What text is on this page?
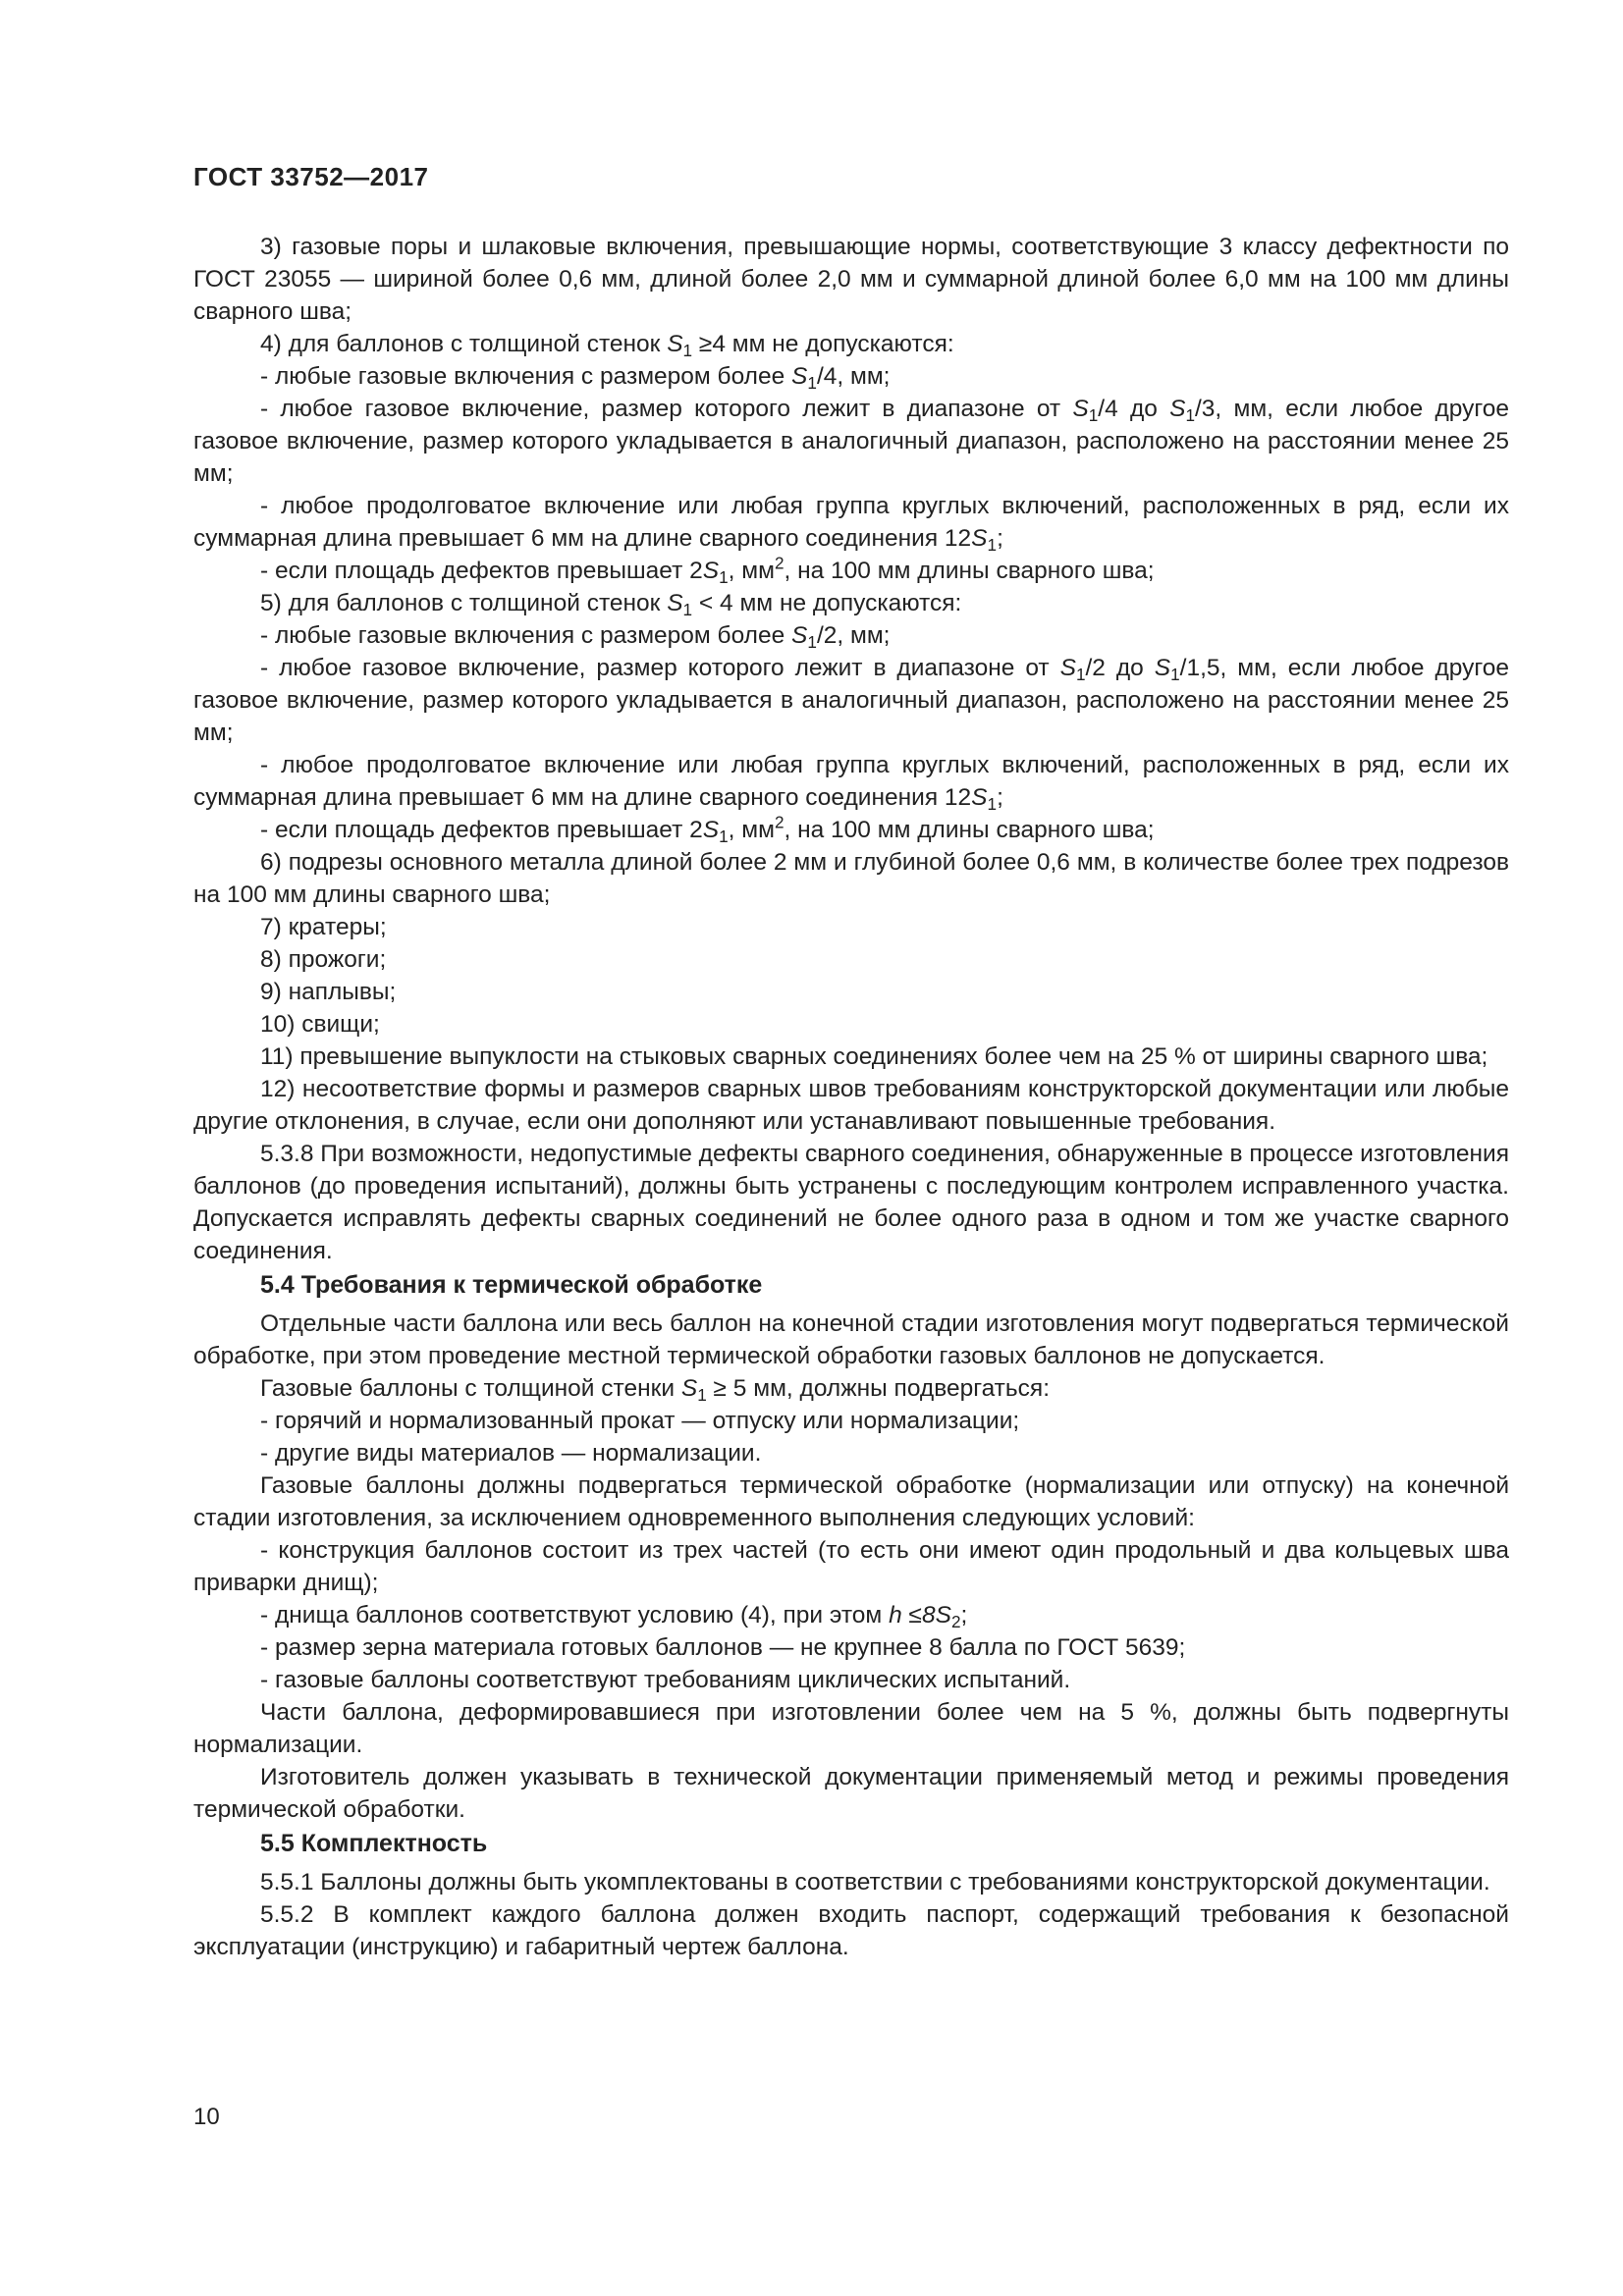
ГОСТ 33752—2017

3) газовые поры и шлаковые включения, превышающие нормы, соответствующие 3 классу дефектности по ГОСТ 23055 — шириной более 0,6 мм, длиной более 2,0 мм и суммарной длиной более 6,0 мм на 100 мм длины сварного шва;

4) для баллонов с толщиной стенок $S_1 \ge 4$ мм не допускаются:

- любые газовые включения с размером более $S_1/4$, мм;

- любое газовое включение, размер которого лежит в диапазоне от $S_1/4$ до $S_1/3$, мм, если любое другое газовое включение, размер которого укладывается в аналогичный диапазон, расположено на расстоянии менее 25 мм;

- любое продолговатое включение или любая группа круглых включений, расположенных в ряд, если их суммарная длина превышает 6 мм на длине сварного соединения $12S_1$;

- если площадь дефектов превышает $2S_1$, $мм^2$, на 100 мм длины сварного шва;

5) для баллонов с толщиной стенок $S_1 < 4$ мм не допускаются:

- любые газовые включения с размером более $S_1/2$, мм;

- любое газовое включение, размер которого лежит в диапазоне от $S_1/2$ до $S_1/1,5$, мм, если любое другое газовое включение, размер которого укладывается в аналогичный диапазон, расположено на расстоянии менее 25 мм;

- любое продолговатое включение или любая группа круглых включений, расположенных в ряд, если их суммарная длина превышает 6 мм на длине сварного соединения $12S_1$;

- если площадь дефектов превышает $2S_1$, $мм^2$, на 100 мм длины сварного шва;

6) подрезы основного металла длиной более 2 мм и глубиной более 0,6 мм, в количестве более трех подрезов на 100 мм длины сварного шва;

7) кратеры;

8) прожоги;

9) наплывы;

10) свищи;

11) превышение выпуклости на стыковых сварных соединениях более чем на 25 % от ширины сварного шва;

12) несоответствие формы и размеров сварных швов требованиям конструкторской документации или любые другие отклонения, в случае, если они дополняют или устанавливают повышенные требования.

5.3.8 При возможности, недопустимые дефекты сварного соединения, обнаруженные в процессе изготовления баллонов (до проведения испытаний), должны быть устранены с последующим контролем исправленного участка. Допускается исправлять дефекты сварных соединений не более одного раза в одном и том же участке сварного соединения.

5.4 Требования к термической обработке

Отдельные части баллона или весь баллон на конечной стадии изготовления могут подвергаться термической обработке, при этом проведение местной термической обработки газовых баллонов не допускается.

Газовые баллоны с толщиной стенки $S_1 \ge 5$ мм, должны подвергаться:

- горячий и нормализованный прокат — отпуску или нормализации;

- другие виды материалов — нормализации.

Газовые баллоны должны подвергаться термической обработке (нормализации или отпуску) на конечной стадии изготовления, за исключением одновременного выполнения следующих условий:

- конструкция баллонов состоит из трех частей (то есть они имеют один продольный и два кольцевых шва приварки днищ);

- днища баллонов соответствуют условию (4), при этом $h \le 8S_2$;

- размер зерна материала готовых баллонов — не крупнее 8 балла по ГОСТ 5639;

- газовые баллоны соответствуют требованиям циклических испытаний.

Части баллона, деформировавшиеся при изготовлении более чем на 5 %, должны быть подвергнуты нормализации.

Изготовитель должен указывать в технической документации применяемый метод и режимы проведения термической обработки.

5.5 Комплектность

5.5.1 Баллоны должны быть укомплектованы в соответствии с требованиями конструкторской документации.

5.5.2 В комплект каждого баллона должен входить паспорт, содержащий требования к безопасной эксплуатации (инструкцию) и габаритный чертеж баллона.

10
